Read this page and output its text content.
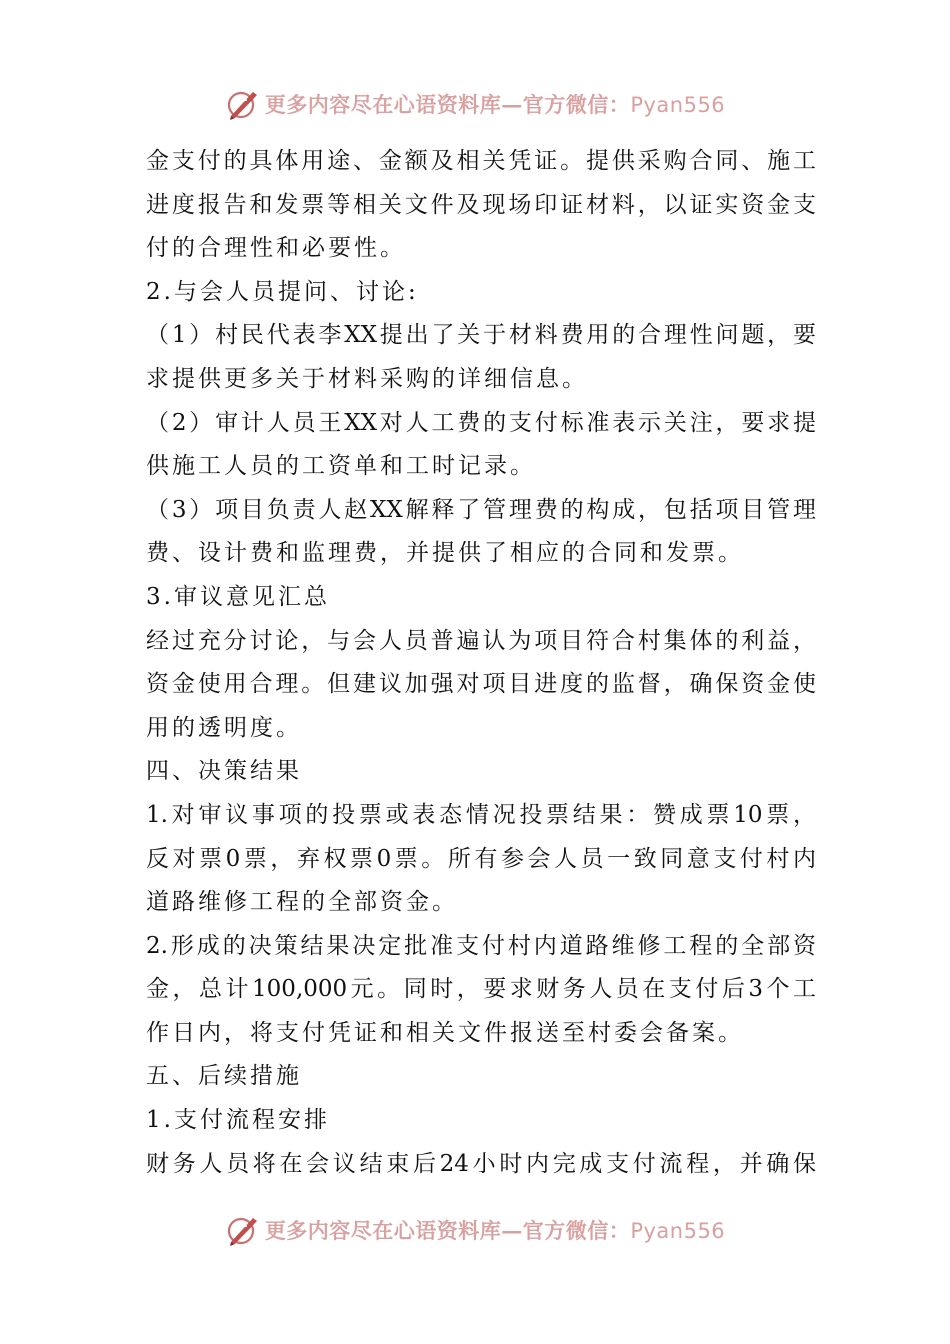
更多内容尽在心语资料库—官方微信：Pyan556
金支付的具体用途、金额及相关凭证。提供采购合同、施工
进度报告和发票等相关文件及现场印证材料，以证实资金支
付的合理性和必要性。
2.与会人员提问、讨论:
（1）村民代表李XX提出了关于材料费用的合理性问题，要
求提供更多关于材料采购的详细信息。
（2）审计人员王XX对人工费的支付标准表示关注，要求提
供施工人员的工资单和工时记录。
（3）项目负责人赵XX解释了管理费的构成，包括项目管理
费、设计费和监理费，并提供了相应的合同和发票。
3.审议意见汇总
经过充分讨论，与会人员普遍认为项目符合村集体的利益，
资金使用合理。但建议加强对项目进度的监督，确保资金使
用的透明度。
四、决策结果
1.对审议事项的投票或表态情况投票结果：赞成票10票，
反对票0票，弃权票0票。所有参会人员一致同意支付村内
道路维修工程的全部资金。
2.形成的决策结果决定批准支付村内道路维修工程的全部资
金，总计100,000元。同时，要求财务人员在支付后3个工
作日内，将支付凭证和相关文件报送至村委会备案。
五、后续措施
1.支付流程安排
财务人员将在会议结束后24小时内完成支付流程，并确保
更多内容尽在心语资料库—官方微信：Pyan556
